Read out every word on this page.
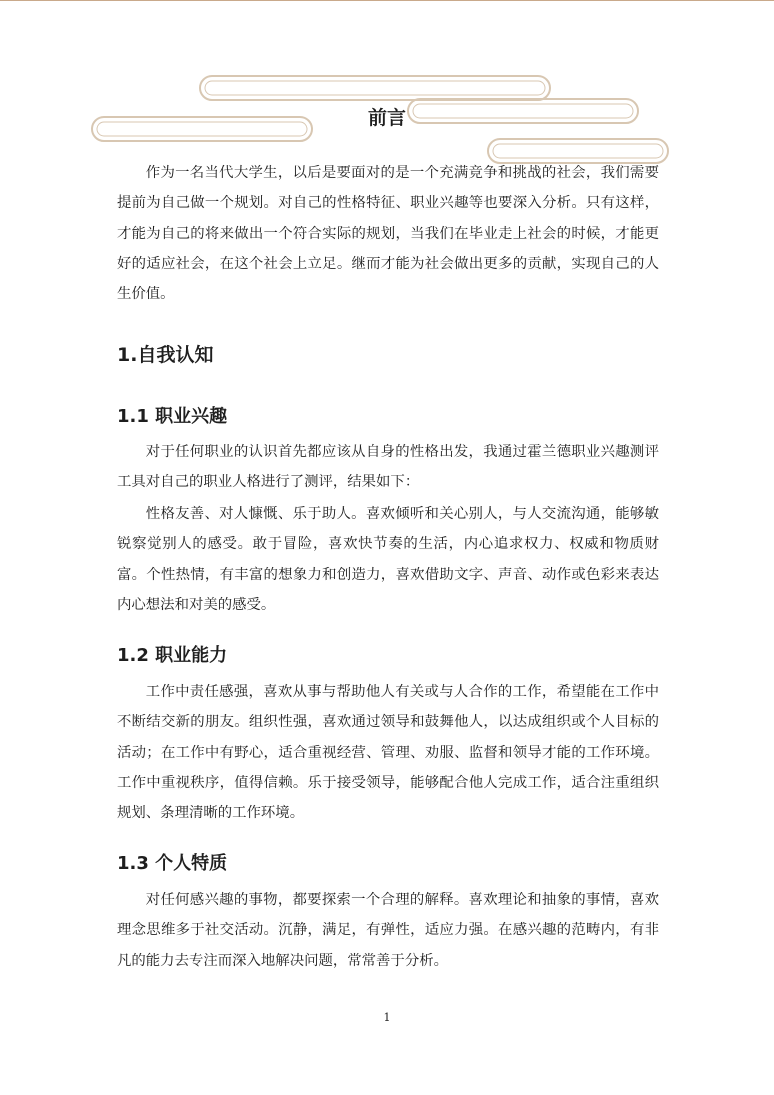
前言

作为一名当代大学生，以后是要面对的是一个充满竞争和挑战的社会，我们需要提前为自己做一个规划。对自己的性格特征、职业兴趣等也要深入分析。只有这样，才能为自己的将来做出一个符合实际的规划，当我们在毕业走上社会的时候，才能更好的适应社会，在这个社会上立足。继而才能为社会做出更多的贡献，实现自己的人生价值。

1.自我认知
1.1 职业兴趣

对于任何职业的认识首先都应该从自身的性格出发，我通过霍兰德职业兴趣测评工具对自己的职业人格进行了测评，结果如下：

性格友善、对人慷慨、乐于助人。喜欢倾听和关心别人，与人交流沟通，能够敏锐察觉别人的感受。敢于冒险，喜欢快节奏的生活，内心追求权力、权威和物质财富。个性热情，有丰富的想象力和创造力，喜欢借助文字、声音、动作或色彩来表达内心想法和对美的感受。

1.2 职业能力

工作中责任感强，喜欢从事与帮助他人有关或与人合作的工作，希望能在工作中不断结交新的朋友。组织性强，喜欢通过领导和鼓舞他人，以达成组织或个人目标的活动；在工作中有野心，适合重视经营、管理、劝服、监督和领导才能的工作环境。工作中重视秩序，值得信赖。乐于接受领导，能够配合他人完成工作，适合注重组织规划、条理清晰的工作环境。

1.3 个人特质

对任何感兴趣的事物，都要探索一个合理的解释。喜欢理论和抽象的事情，喜欢理念思维多于社交活动。沉静，满足，有弹性，适应力强。在感兴趣的范畴内，有非凡的能力去专注而深入地解决问题，常常善于分析。

1
